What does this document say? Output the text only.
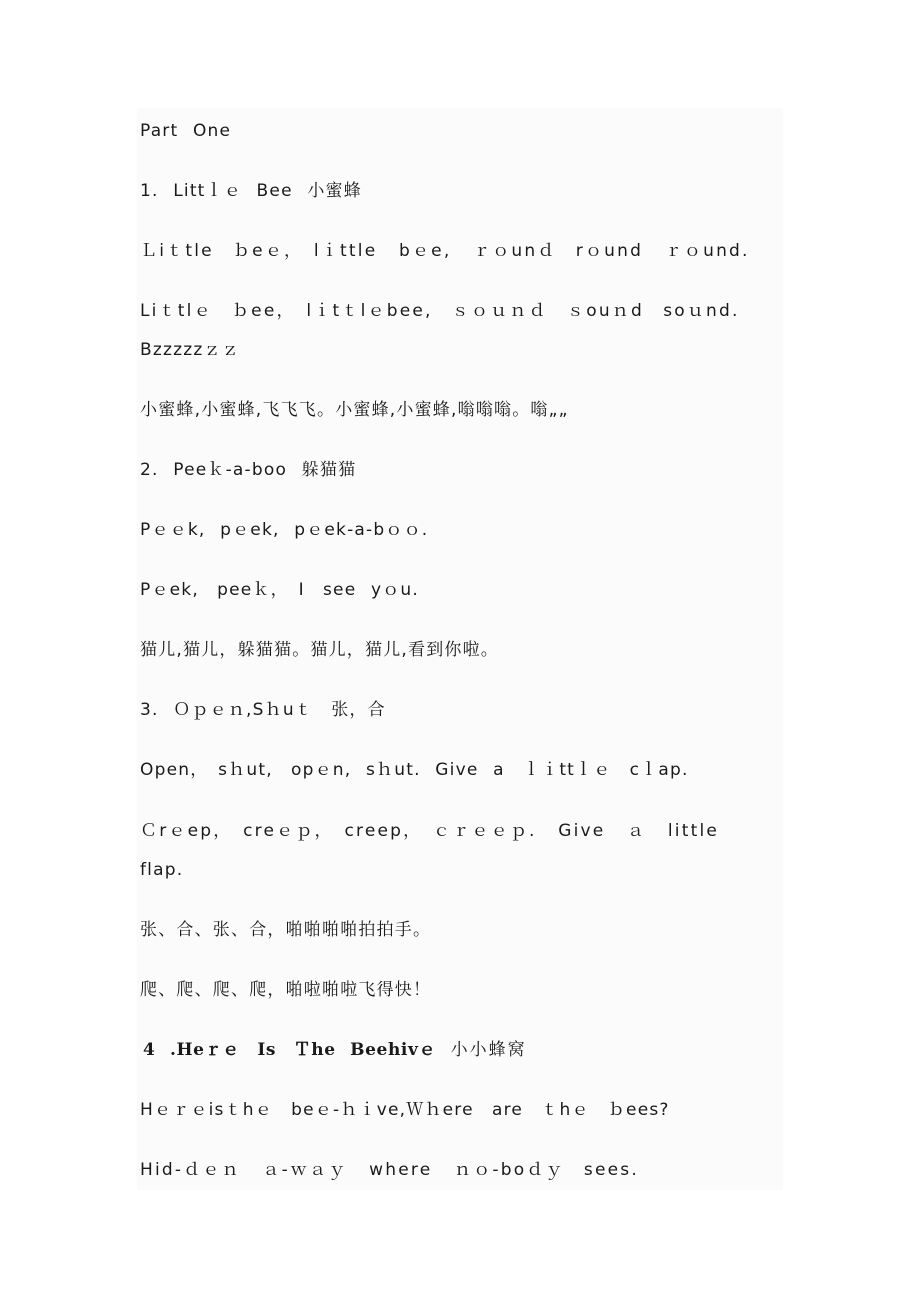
Part One
1. Littｌｅ Bee 小蜜蜂
Ｌiｔtle　ｂeｅ，　lｉttle bｅe, ｒｏunｄ　rｏund ｒｏund.
Liｔtlｅ　ｂee，　lｉtｔlｅbee,　ｓｏｕｎｄ　ｓouｎd　soｕnd.
Bzzzzzｚｚ
小蜜蜂,小蜜蜂,飞飞飞。小蜜蜂,小蜜蜂,嗡嗡嗡。嗡„„
2. Peeｋ-a-boo 躲猫猫
Pｅｅk, pｅek, pｅek-a-bｏｏ.
Pｅek,　peeｋ，　I　see yｏu.
猫儿,猫儿，躲猫猫。猫儿，猫儿,看到你啦。
3. Ｏｐｅｎ,Sｈuｔ　张，合
Open，　sｈut,　opｅn, sｈut. Give a　ｌｉttｌｅ　cｌap.
Ｃrｅep，　creｅｐ，　creep，　ｃｒｅｅｐ. Give ａ little
flap.
张、合、张、合，啪啪啪啪拍拍手。
爬、爬、爬、爬，啪啦啪啦飞得快！
4 .Heｒｅ　Is　Ｔhe Beehivｅ 小小蜂窝
Hｅｒｅisｔhｅ　beｅ-ｈｉve,Ｗｈere　are　ｔhｅ　ｂees?
Hid-ｄｅｎ ａ-ｗａｙ where ｎｏ-boｄｙ　sees.
